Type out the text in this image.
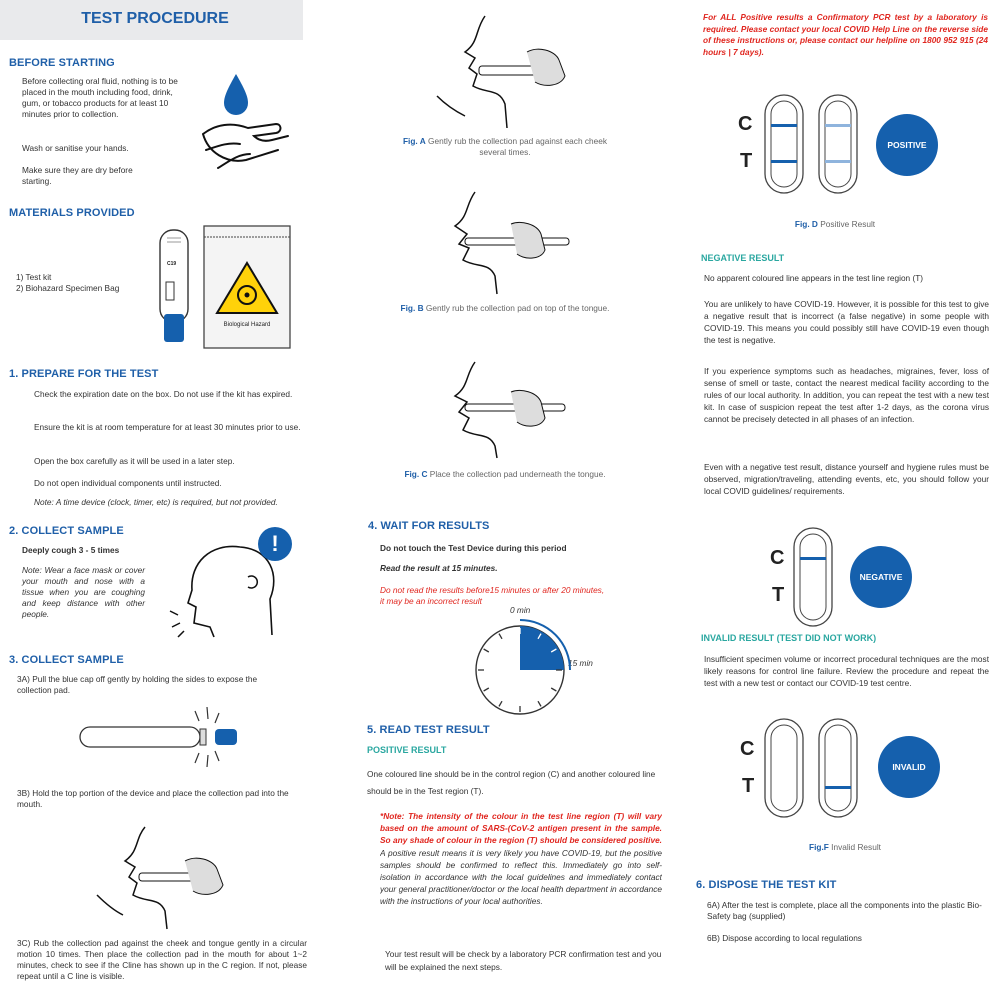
TEST PROCEDURE
BEFORE STARTING
Before collecting oral fluid, nothing is to be placed in the mouth including food, drink, gum, or tobacco products for at least 10 minutes prior to collection.
Wash or sanitise your hands.
Make sure they are dry before starting.
MATERIALS PROVIDED
1) Test kit
2) Biohazard Specimen Bag
C19
Biological Hazard
1. PREPARE FOR THE TEST
Check the expiration date on the box. Do not use if the kit has expired.
Ensure the kit is at room temperature for at least 30 minutes prior to use.
Open the box carefully as it will be used in a later step.
Do not open individual components until instructed.
Note: A time device (clock, timer, etc) is required, but not provided.
2. COLLECT SAMPLE
Deeply cough 3 - 5 times
Note: Wear a face mask or cover your mouth and nose with a tissue when you are coughing and keep distance with other people.
!
3. COLLECT SAMPLE
3A) Pull the blue cap off gently by holding the sides to expose the collection pad.
3B) Hold the top portion of the device and place the collection pad into the mouth.
3C) Rub the collection pad against the cheek and tongue gently in a circular motion 10 times. Then place the collection pad in the mouth for about 1~2 minutes, check to see if the Cline has shown up in the C region. If not, please repeat until a C line is visible.
Fig. A Gently rub the collection pad against each cheek several times.
Fig. B Gently rub the collection pad on top of the tongue.
Fig. C Place the collection pad underneath the tongue.
4. WAIT FOR RESULTS
Do not touch the Test Device during this period
Read the result at 15 minutes.
Do not read the results before15 minutes or after 20 minutes, it may be an incorrect result
0 min
15 min
5. READ TEST RESULT
POSITIVE RESULT
One coloured line should be in the control region (C) and another coloured line should be in the Test region (T).
*Note: The intensity of the colour in the test line region (T) will vary based on the amount of SARS-(CoV-2 antigen present in the sample. So any shade of colour in the region (T) should be considered positive. A positive result means it is very likely you have COVID-19, but the positive samples should be confirmed to reflect this. Immediately go into self-isolation in accordance with the local guidelines and immediately contact your general practitioner/doctor or the local health department in accordance with the instructions of your local authorities.
Your test result will be check by a laboratory PCR confirmation test and you will be explained the next steps.
For ALL Positive results a Confirmatory PCR test by a laboratory is required. Please contact your local COVID Help Line on the reverse side of these instructions or, please contact our helpline on 1800 952 915 (24 hours | 7 days).
C
T
POSITIVE
Fig. D Positive Result
NEGATIVE RESULT
No apparent coloured line appears in the test line region (T)
You are unlikely to have COVID-19. However, it is possible for this test to give a negative result that is incorrect (a false negative) in some people with COVID-19. This means you could possibly still have COVID-19 even though the test is negative.
If you experience symptoms such as headaches, migraines, fever, loss of sense of smell or taste, contact the nearest medical facility according to the rules of our local authority. In addition, you can repeat the test with a new test kit. In case of suspicion repeat the test after 1-2 days, as the corona virus cannot be precisely detected in all phases of an infection.
Even with a negative test result, distance yourself and hygiene rules must be observed, migration/traveling, attending events, etc, you should follow your local COVID guidelines/ requirements.
C
T
NEGATIVE
INVALID RESULT (TEST DID NOT WORK)
Insufficient specimen volume or incorrect procedural techniques are the most likely reasons for control line failure. Review the procedure and repeat the test with a new test or contact our COVID-19 test centre.
C
T
INVALID
Fig.F Invalid Result
6. DISPOSE THE TEST KIT
6A) After the test is complete, place all the components into the plastic Bio-Safety bag (supplied)
6B) Dispose according to local regulations
